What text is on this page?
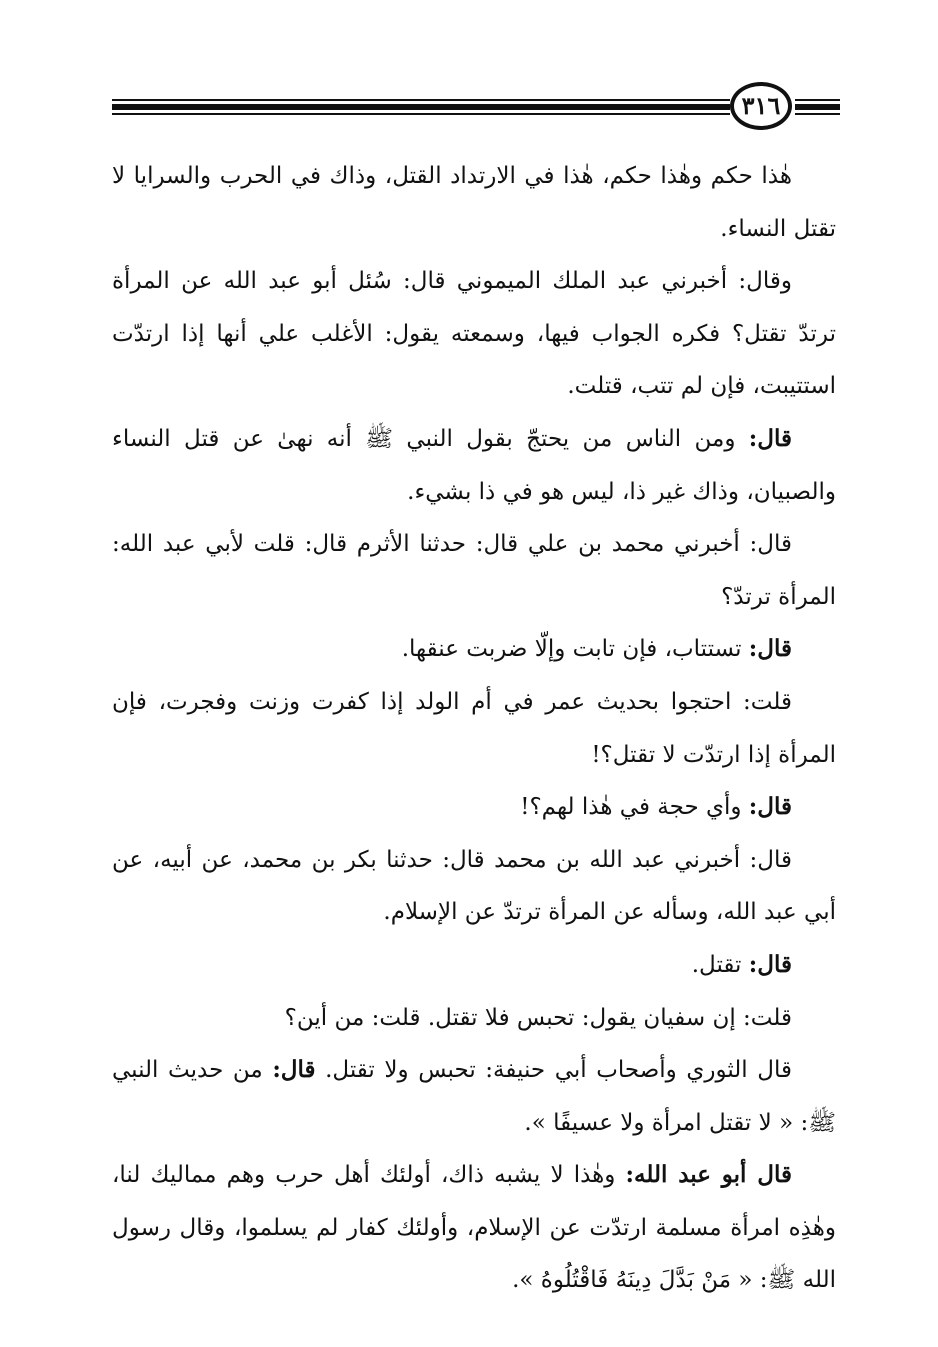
٣١٦

هٰذا حكم وهٰذا حكم، هٰذا في الارتداد القتل، وذاك في الحرب والسرايا لا تقتل النساء.

وقال: أخبرني عبد الملك الميموني قال: سُئل أبو عبد الله عن المرأة ترتدّ تقتل؟ فكره الجواب فيها، وسمعته يقول: الأغلب علي أنها إذا ارتدّت استتيبت، فإن لم تتب، قتلت.

قال: ومن الناس من يحتجّ بقول النبي ﷺ أنه نهىٰ عن قتل النساء والصبيان، وذاك غير ذا، ليس هو في ذا بشيء.

قال: أخبرني محمد بن علي قال: حدثنا الأثرم قال: قلت لأبي عبد الله: المرأة ترتدّ؟

قال: تستتاب، فإن تابت وإلّا ضربت عنقها.

قلت: احتجوا بحديث عمر في أم الولد إذا كفرت وزنت وفجرت، فإن المرأة إذا ارتدّت لا تقتل؟!

قال: وأي حجة في هٰذا لهم؟!

قال: أخبرني عبد الله بن محمد قال: حدثنا بكر بن محمد، عن أبيه، عن أبي عبد الله، وسأله عن المرأة ترتدّ عن الإسلام.

قال: تقتل.

قلت: إن سفيان يقول: تحبس فلا تقتل. قلت: من أين؟

قال الثوري وأصحاب أبي حنيفة: تحبس ولا تقتل. قال: من حديث النبي ﷺ: « لا تقتل امرأة ولا عسيفًا ».

قال أبو عبد الله: وهٰذا لا يشبه ذاك، أولئك أهل حرب وهم مماليك لنا، وهٰذِه امرأة مسلمة ارتدّت عن الإسلام، وأولئك كفار لم يسلموا، وقال رسول الله ﷺ: « مَنْ بَدَّلَ دِينَهُ فَاقْتُلُوهُ ».
